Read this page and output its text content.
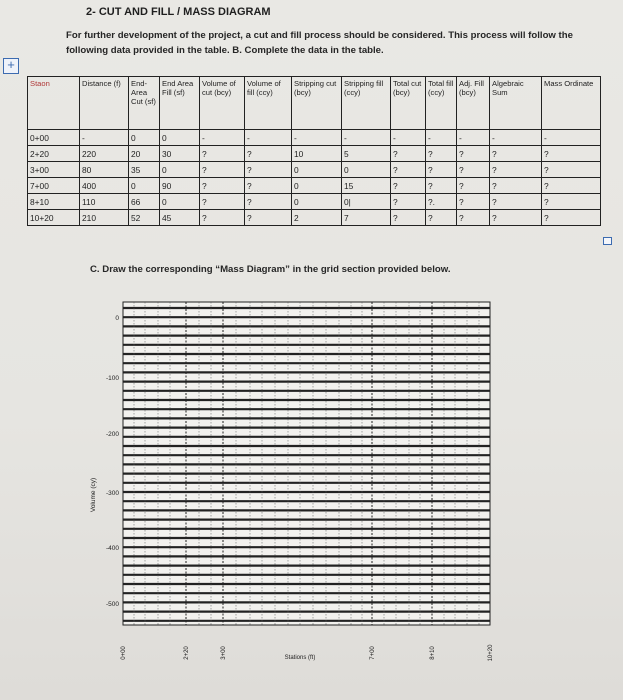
2- CUT AND FILL / MASS DIAGRAM
For further development of the project, a cut and fill process should be considered. This process will follow the following data provided in the table. B. Complete the data in the table.
+
Staon	Distance (f)	End-Area Cut (sf)	End Area Fill (sf)	Volume of cut (bcy)	Volume of fill (ccy)	Stripping cut (bcy)	Stripping fill (ccy)	Total cut (bcy)	Total fill (ccy)	Adj. Fill (bcy)	Algebraic Sum	Mass Ordinate
0+00	-	0	0	-	-	-	-	-	-	-	-	-
2+20	220	20	30	?	?	10	5	?	?	?	?	?
3+00	80	35	0	?	?	0	0	?	?	?	?	?
7+00	400	0	90	?	?	0	15	?	?	?	?	?
8+10	110	66	0	?	?	0	0|	?	?.	?	?	?
10+20	210	52	45	?	?	2	7	?	?	?	?	?
C. Draw the corresponding “Mass Diagram” in the grid section provided below.
0
-100
-200
-300
-400
-500
Volume (cy)
0+00	2+20	3+00	7+00	8+10	10+20
Stations (ft)
